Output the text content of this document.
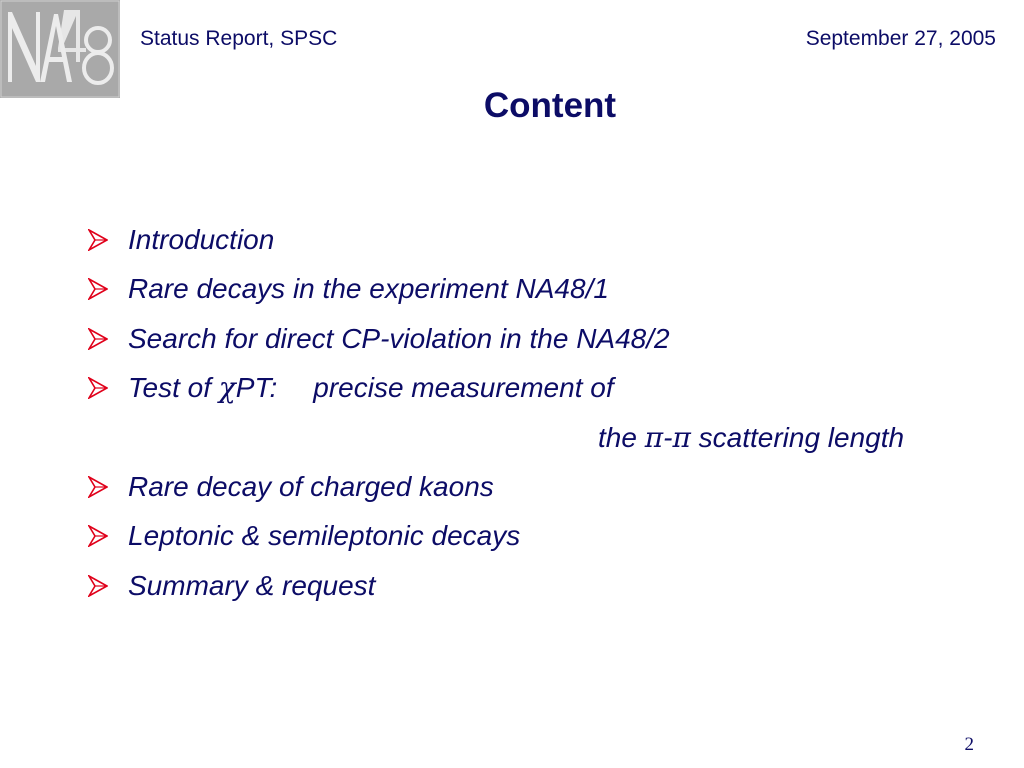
Status Report, SPSC	September 27, 2005
Content
Introduction
Rare decays in the experiment NA48/1
Search for direct CP-violation in the NA48/2
Test of χPT: precise measurement of
the π-π scattering length
Rare decay of charged kaons
Leptonic & semileptonic decays
Summary & request
2
